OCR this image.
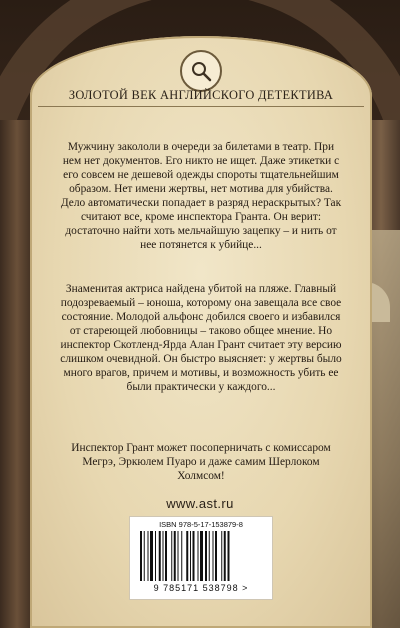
ЗОЛОТОЙ ВЕК АНГЛИЙСКОГО ДЕТЕКТИВА
Мужчину закололи в очереди за билетами в театр. При нем нет документов. Его никто не ищет. Даже этикетки с его совсем не дешевой одежды спороты тщательнейшим образом. Нет имени жертвы, нет мотива для убийства. Дело автоматически попадает в разряд нераскрытых? Так считают все, кроме инспектора Гранта. Он верит: достаточно найти хоть мельчайшую зацепку – и нить от нее потянется к убийце...
Знаменитая актриса найдена убитой на пляже. Главный подозреваемый – юноша, которому она завещала все свое состояние. Молодой альфонс добился своего и избавился от стареющей любовницы – таково общее мнение. Но инспектор Скотленд-Ярда Алан Грант считает эту версию слишком очевидной. Он быстро выясняет: у жертвы было много врагов, причем и мотивы, и возможность убить ее были практически у каждого...
Инспектор Грант может посоперничать с комиссаром Мегрэ, Эркюлем Пуаро и даже самим Шерлоком Холмсом!
www.ast.ru
ISBN 978-5-17-153879-8
9 785171 538798 >
